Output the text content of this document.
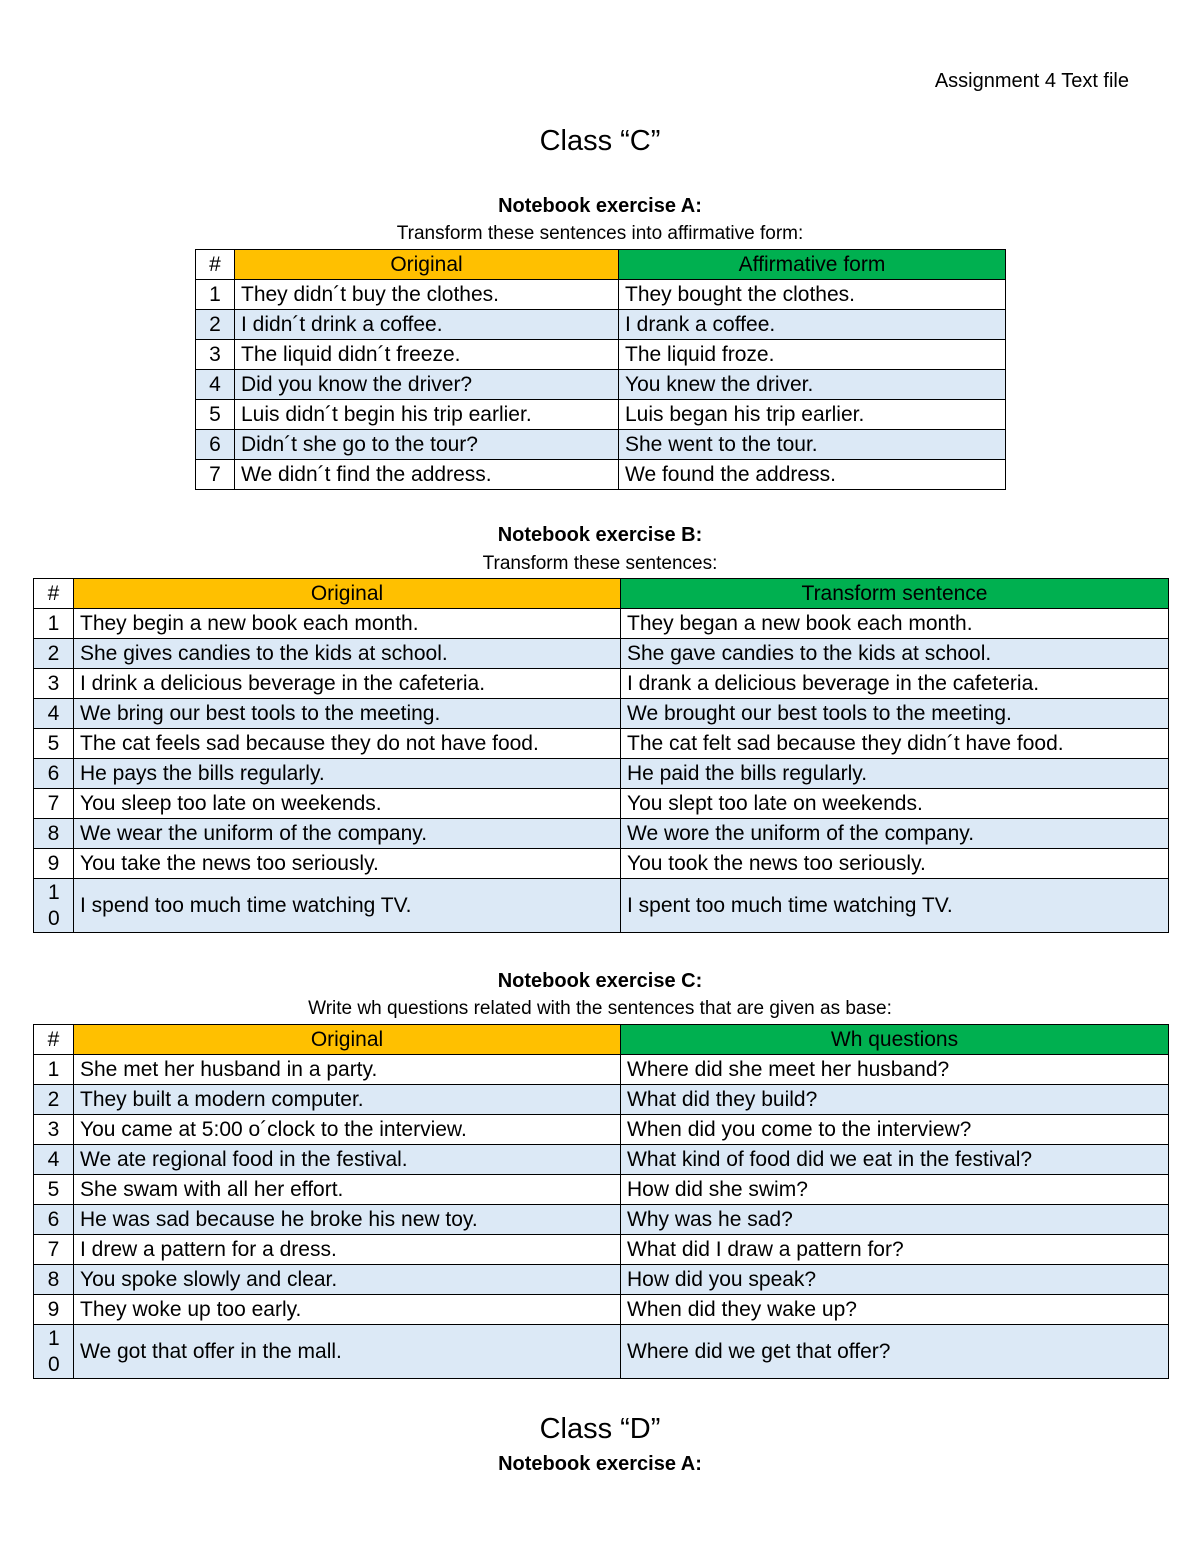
Assignment 4 Text file
Class “C”
Notebook exercise A:
Transform these sentences into affirmative form:
#	Original	Affirmative form
1	They didn´t buy the clothes.	They bought the clothes.
2	I didn´t drink a coffee.	I drank a coffee.
3	The liquid didn´t freeze.	The liquid froze.
4	Did you know the driver?	You knew the driver.
5	Luis didn´t begin his trip earlier.	Luis began his trip earlier.
6	Didn´t she go to the tour?	She went to the tour.
7	We didn´t find the address.	We found the address.
Notebook exercise B:
Transform these sentences:
#	Original	Transform sentence
1	They begin a new book each month.	They began a new book each month.
2	She gives candies to the kids at school.	She gave candies to the kids at school.
3	I drink a delicious beverage in the cafeteria.	I drank a delicious beverage in the cafeteria.
4	We bring our best tools to the meeting.	We brought our best tools to the meeting.
5	The cat feels sad because they do not have food.	The cat felt sad because they didn´t have food.
6	He pays the bills regularly.	He paid the bills regularly.
7	You sleep too late on weekends.	You slept too late on weekends.
8	We wear the uniform of the company.	We wore the uniform of the company.
9	You take the news too seriously.	You took the news too seriously.
10	I spend too much time watching TV.	I spent too much time watching TV.
Notebook exercise C:
Write wh questions related with the sentences that are given as base:
#	Original	Wh questions
1	She met her husband in a party.	Where did she meet her husband?
2	They built a modern computer.	What did they build?
3	You came at 5:00 o´clock to the interview.	When did you come to the interview?
4	We ate regional food in the festival.	What kind of food did we eat in the festival?
5	She swam with all her effort.	How did she swim?
6	He was sad because he broke his new toy.	Why was he sad?
7	I drew a pattern for a dress.	What did I draw a pattern for?
8	You spoke slowly and clear.	How did you speak?
9	They woke up too early.	When did they wake up?
10	We got that offer in the mall.	Where did we get that offer?
Class “D”
Notebook exercise A:
